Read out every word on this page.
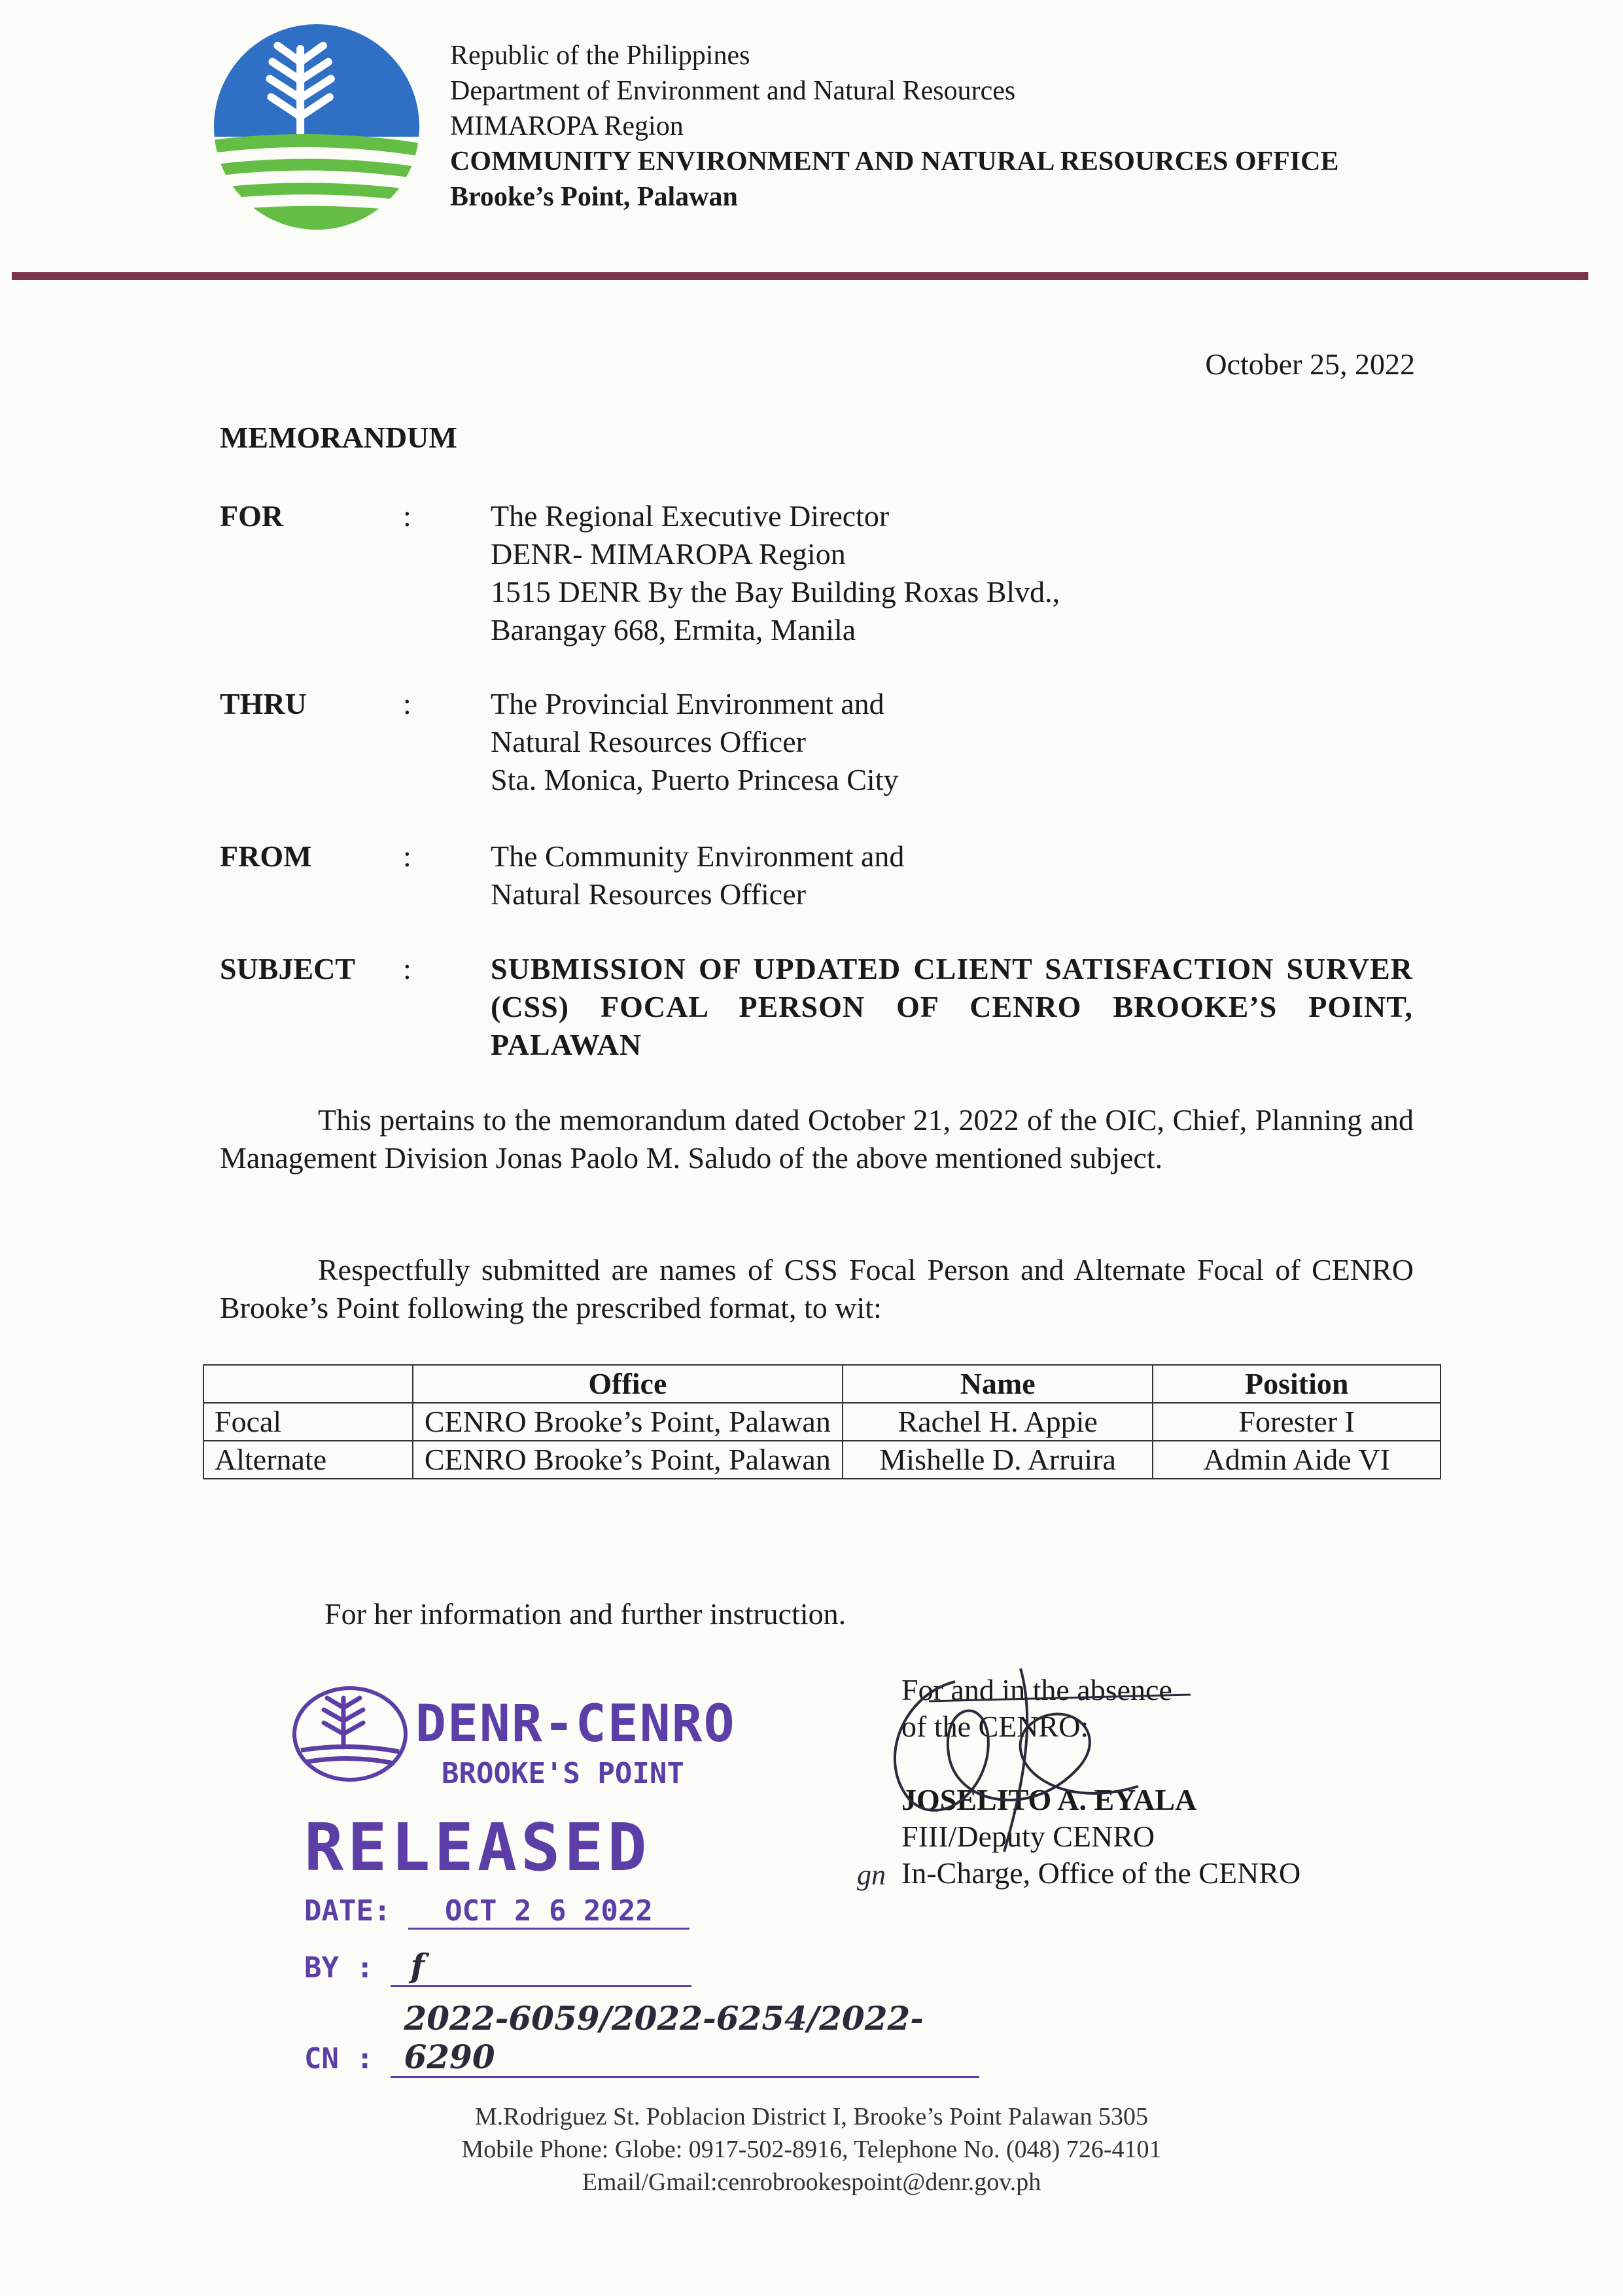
Republic of the Philippines
Department of Environment and Natural Resources
MIMAROPA Region
COMMUNITY ENVIRONMENT AND NATURAL RESOURCES OFFICE
Brooke’s Point, Palawan
October 25, 2022
MEMORANDUM
FOR	:	The Regional Executive Director
DENR- MIMAROPA Region
1515 DENR By the Bay Building Roxas Blvd.,
Barangay 668, Ermita, Manila
THRU	:	The Provincial Environment and
Natural Resources Officer
Sta. Monica, Puerto Princesa City
FROM	:	The Community Environment and
Natural Resources Officer
SUBJECT :	SUBMISSION OF UPDATED CLIENT SATISFACTION SURVER (CSS) FOCAL PERSON OF CENRO BROOKE’S POINT, PALAWAN
This pertains to the memorandum dated October 21, 2022 of the OIC, Chief, Planning and Management Division Jonas Paolo M. Saludo of the above mentioned subject.
Respectfully submitted are names of CSS Focal Person and Alternate Focal of CENRO Brooke’s Point following the prescribed format, to wit:
	Office	Name	Position
Focal	CENRO Brooke’s Point, Palawan	Rachel H. Appie	Forester I
Alternate	CENRO Brooke’s Point, Palawan	Mishelle D. Arruira	Admin Aide VI
For her information and further instruction.
For and in the absence
of the CENRO:
JOSELITO A. EYALA
FIII/Deputy CENRO
In-Charge, Office of the CENRO
gn
DENR-CENRO
BROOKE'S POINT
RELEASED
DATE: OCT 2 6 2022
BY : f
CN : 2022-6059/2022-6254/2022-6290
M.Rodriguez St. Poblacion District I, Brooke’s Point Palawan 5305
Mobile Phone: Globe: 0917-502-8916, Telephone No. (048) 726-4101
Email/Gmail:cenrobrookespoint@denr.gov.ph
